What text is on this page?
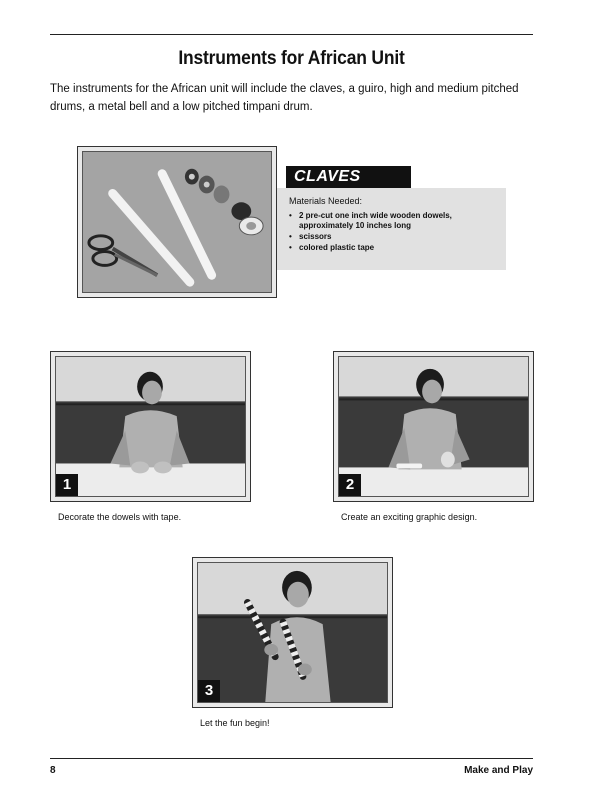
Instruments for African Unit

The instruments for the African unit will include the claves, a guiro, high and medium pitched drums, a metal bell and a low pitched timpani drum.

CLAVES
Materials Needed:
• 2 pre-cut one inch wide wooden dowels, approximately 10 inches long
• scissors
• colored plastic tape
1
Decorate the dowels with tape.
2
Create an exciting graphic design.
3
Let the fun begin!
8	Make and Play
